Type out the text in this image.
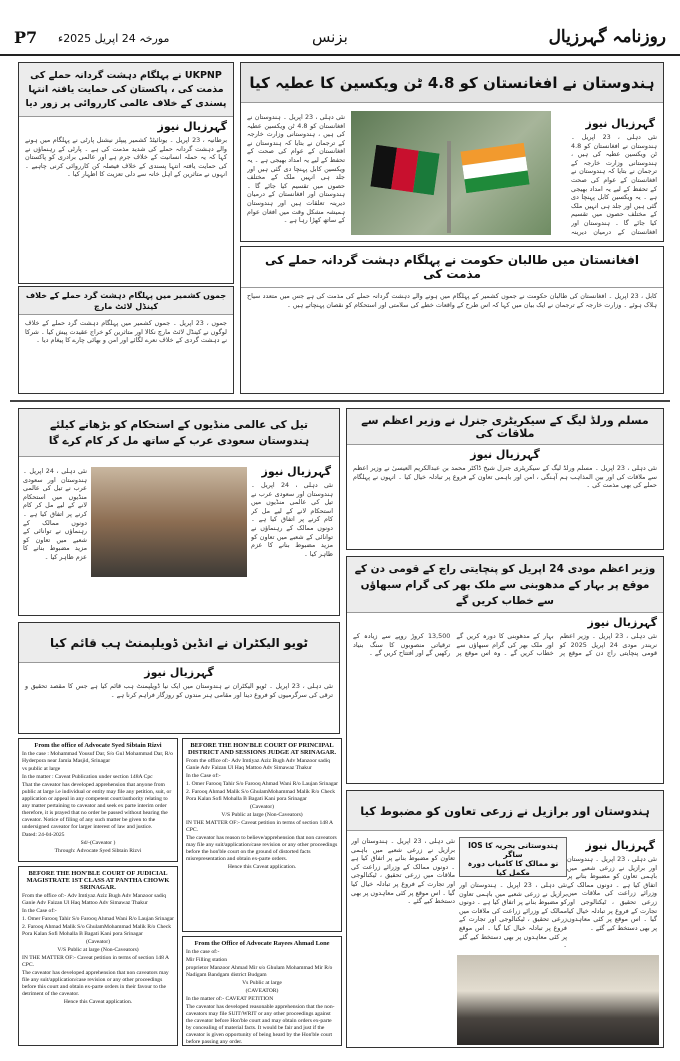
P7 مورخہ 24 اپریل 2025ء	بزنس	روزنامہ گہرزیال
UKPNP نے پہلگام دہشت گردانہ حملے کی مذمت کی ، پاکستان کی حمایت یافتہ انتہا پسندی کے خلاف عالمی کارروائی پر زور دیا
گہرزیال نیوز
برطانیہ ، 23 اپریل ۔ یونائیٹڈ کشمیر پیپلز نیشنل پارٹی نے پہلگام میں ہونے والے دہشت گردانہ حملے کی شدید مذمت کی ہے ۔ پارٹی کے رہنماؤں نے کہا کہ یہ حملہ انسانیت کے خلاف جرم ہے اور عالمی برادری کو پاکستان کی حمایت یافتہ انتہا پسندی کے خلاف فیصلہ کن کارروائی کرنی چاہیے ۔ انہوں نے متاثرین کے اہل خانہ سے دلی تعزیت کا اظہار کیا ۔
جموں کشمیر میں پہلگام دہشت گرد حملے کے خلاف کینڈل لائٹ مارچ
جموں ، 23 اپریل ۔ جموں کشمیر میں پہلگام دہشت گرد حملے کے خلاف لوگوں نے کینڈل لائٹ مارچ نکالا اور متاثرین کو خراج عقیدت پیش کیا ۔ شرکا نے دہشت گردی کے خلاف نعرے لگائے اور امن و بھائی چارے کا پیغام دیا ۔
ہندوستان نے افغانستان کو 4.8 ٹن ویکسین کا عطیہ کیا
گہرزیال نیوز
نئی دہلی ، 23 اپریل ۔ ہندوستان نے افغانستان کو 4.8 ٹن ویکسین عطیہ کی ہیں ، ہندوستانی وزارت خارجہ کے ترجمان نے بتایا کہ ہندوستان نے افغانستان کے عوام کی صحت کے تحفظ کے لیے یہ امداد بھیجی ہے ۔ یہ ویکسین کابل پہنچا دی گئی ہیں اور جلد ہی انہیں ملک کے مختلف حصوں میں تقسیم کیا جائے گا ۔ ہندوستان اور افغانستان کے درمیان دیرینہ
نئی دہلی ، 23 اپریل ۔ ہندوستان نے افغانستان کو 4.8 ٹن ویکسین عطیہ کی ہیں ، ہندوستانی وزارت خارجہ کے ترجمان نے بتایا کہ ہندوستان نے افغانستان کے عوام کی صحت کے تحفظ کے لیے یہ امداد بھیجی ہے ۔ یہ ویکسین کابل پہنچا دی گئی ہیں اور جلد ہی انہیں ملک کے مختلف حصوں میں تقسیم کیا جائے گا ۔ ہندوستان اور افغانستان کے درمیان دیرینہ تعلقات ہیں اور ہندوستان ہمیشہ مشکل وقت میں افغان عوام کے ساتھ کھڑا رہا ہے ۔
افغانستان میں طالبان حکومت نے پہلگام دہشت گردانہ حملے کی مذمت کی
کابل ، 23 اپریل ۔ افغانستان کی طالبان حکومت نے جموں کشمیر کے پہلگام میں ہونے والے دہشت گردانہ حملے کی مذمت کی ہے جس میں متعدد سیاح ہلاک ہوئے ۔ وزارت خارجہ کے ترجمان نے ایک بیان میں کہا کہ اس طرح کے واقعات خطے کی سلامتی اور استحکام کو نقصان پہنچاتے ہیں ۔
مسلم ورلڈ لیگ کے سیکریٹری جنرل نے وزیر اعظم سے ملاقات کی
گہرزیال نیوز
نئی دہلی ، 23 اپریل ۔ مسلم ورلڈ لیگ کے سیکریٹری جنرل شیخ ڈاکٹر محمد بن عبدالکریم العیسیٰ نے وزیر اعظم سے ملاقات کی اور بین المذاہب ہم آہنگی ، امن اور باہمی تعاون کے فروغ پر تبادلہ خیال کیا ۔ انہوں نے پہلگام حملے کی بھی مذمت کی ۔
تیل کی عالمی منڈیوں کے استحکام کو بڑھانے کیلئے ہندوستان سعودی عرب کے ساتھ مل کر کام کرے گا
گہرزیال نیوز
نئی دہلی ، 24 اپریل ۔ ہندوستان اور سعودی عرب نے تیل کی عالمی منڈیوں میں استحکام لانے کے لیے مل کر کام کرنے پر اتفاق کیا ہے ۔ دونوں ممالک کے رہنماؤں نے توانائی کے شعبے میں تعاون کو مزید مضبوط بنانے کا عزم ظاہر کیا ۔
نئی دہلی ، 24 اپریل ۔ ہندوستان اور سعودی عرب نے تیل کی عالمی منڈیوں میں استحکام لانے کے لیے مل کر کام کرنے پر اتفاق کیا ہے ۔ دونوں ممالک کے رہنماؤں نے توانائی کے شعبے میں تعاون کو مزید مضبوط بنانے کا عزم ظاہر کیا ۔
وزیر اعظم مودی 24 اپریل کو پنچایتی راج کے قومی دن کے موقع پر بہار کے مدھوبنی سے ملک بھر کی گرام سبھاؤں سے خطاب کریں گے
گہرزیال نیوز
نئی دہلی ، 23 اپریل ۔ وزیر اعظم نریندر مودی 24 اپریل 2025 کو قومی پنچایتی راج دن کے موقع پر بہار کے مدھوبنی کا دورہ کریں گے اور ملک بھر کی گرام سبھاؤں سے خطاب کریں گے ۔ وہ اس موقع پر 13,500 کروڑ روپے سے زیادہ کے ترقیاتی منصوبوں کا سنگ بنیاد رکھیں گے اور افتتاح کریں گے ۔
ٹویو الیکٹران نے انڈین ڈویلپمنٹ ہب قائم کیا
گہرزیال نیوز
نئی دہلی ، 23 اپریل ۔ ٹویو الیکٹران نے ہندوستان میں ایک نیا ڈویلپمنٹ ہب قائم کیا ہے جس کا مقصد تحقیق و ترقی کی سرگرمیوں کو فروغ دینا اور مقامی ہنر مندوں کو روزگار فراہم کرنا ہے ۔
From the office of Advocate Syed Sibtain Rizvi

In the case : Mohammad Yousuf Dar, S/o Gul Mohammad Dar, R/o Hyderpora near Jamia Masjid, Srinagar

vs public at large

In the matter : Caveat Publication under section 148A Cpc

That the caveator has developed apprehension that anyone from public at large i.e individual or entity may file any petition, suit, or application or appeal in any competent court/authority relating to any matter pertaining to caveator and seek ex parte interim order therefore, it is prayed that no order be passed without hearing the caveator. Notice of filing of any such matter be given to the undersigned caveator for larger interest of law and justice.

Dated: 24-04-2025

Sd/-(Caveator )

Through: Advocate Syed Sibtain Rizvi

BEFORE THE HON'BLE COURT OF JUDICIAL MAGISTRATE 1ST CLASS AT PANTHA CHOWK SRINAGAR.

From the office of:- Adv Imtiyaz Aziz Bugh Adv Manzoor sadiq Ganie Adv Faizan Ul Haq Mattoo Adv Simawaz Thakur

In the Case of:-

1. Omer Farooq Tahir S/o Farooq Ahmad Wani R/o Laujan Srinagar

2. Farooq Ahmad Malik S/o GhulamMohammad Malik R/o Check Pora Kalan Sofi Mohalla B Bagati Kani pora Srinagar

(Caveator)

V/S Public at large (Non-Caveators)

IN THE MATTER OF:- Caveat petition in terms of section 148 A CPC.

The caveator has developed apprehension that non caveators may file any suit/application/case revision or any other proceedings before this court and obtain ex-parte orders in their favour to the detriment of the caveator.

Hence this Caveat application.

BEFORE THE HON'BLE COURT OF PRINCIPAL DISTRICT AND SESSIONS JUDGE AT SRINAGAR.

From the office of:- Adv Imtiyaz Aziz Bugh Adv Manzoor sadiq Ganie Adv Faizan Ul Haq Mattoo Adv Simawaz Thakur

In the Case of:-

1. Omer Farooq Tahir S/o Farooq Ahmad Wani R/o Laujan Srinagar

2. Farooq Ahmad Malik S/o GhulamMohammad Malik R/o Check Pora Kalan Sofi Mohalla B Bagati Kani pora Srinagar

(Caveator)

V/S Public at large (Non-Caveators)

IN THE MATTER OF:- Caveat petition in terms of section 148 A CPC.

The caveator has reason to believe/apprehension that non caveators may file any suit/application/case revision or any other proceedings before the hon'ble court on the ground of distorted facts misrepresentation and obtain ex-parte orders.

Hence this Caveat application.

From the Office of Advocate Rayees Ahmad Lone

In the case of:-

Mir Filling station

proprietor Manzoor Ahmad Mir s/o Ghulam Mohammad Mir R/o Nadigam Bandgam district Budgam

Vs Public at large

(CAVEATOR)

In the matter of:- CAVEAT PETITION

The caveator has developed reasonable apprehension that the non-caveators may file SUIT/WRIT or any other proceedings against the caveator before Hon'ble court and may obtain orders ex-parte by concealing of material facts. It would be fair and just if the caveator is given opportunity of being heard by the Hon'ble court before passing any order.

ہندوستان اور برازیل نے زرعی تعاون کو مضبوط کیا
گہرزیال نیوز
نئی دہلی ، 23 اپریل ۔ ہندوستان اور برازیل نے زرعی شعبے میں باہمی تعاون کو مضبوط بنانے پر اتفاق کیا ہے ۔ دونوں ممالک کے وزرائے زراعت کی ملاقات میں زرعی تحقیق ، ٹیکنالوجی اور تجارت کے فروغ پر تبادلہ خیال کیا گیا ۔ اس موقع پر کئی معاہدوں پر بھی دستخط کیے گئے ۔
ہندوستانی بحریہ کا IOS ساگر
نو ممالک کا کامیاب دورہ مکمل کیا
نئی دہلی ، 23 اپریل ۔ ہندوستان اور برازیل نے زرعی شعبے میں باہمی تعاون کو مضبوط بنانے پر اتفاق کیا ہے ۔ دونوں ممالک کے وزرائے زراعت کی ملاقات میں زرعی تحقیق ، ٹیکنالوجی اور تجارت کے فروغ پر تبادلہ خیال کیا گیا ۔ اس موقع پر کئی معاہدوں پر بھی دستخط کیے گئے ۔
نئی دہلی ، 23 اپریل ۔ ہندوستان اور برازیل نے زرعی شعبے میں باہمی تعاون کو مضبوط بنانے پر اتفاق کیا ہے ۔ دونوں ممالک کے وزرائے زراعت کی ملاقات میں زرعی تحقیق ، ٹیکنالوجی اور تجارت کے فروغ پر تبادلہ خیال کیا گیا ۔ اس موقع پر کئی معاہدوں پر بھی دستخط کیے گئے ۔
